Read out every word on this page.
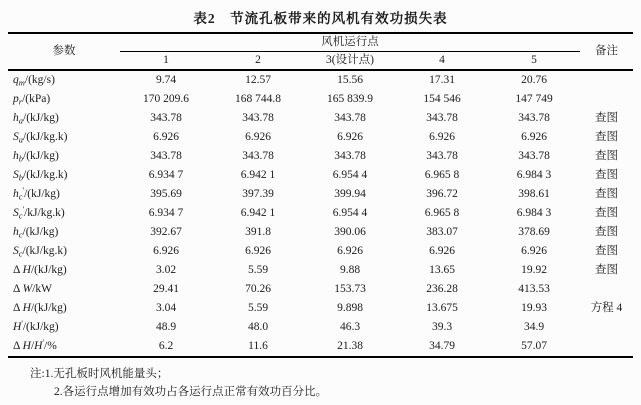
表2　节流孔板带来的风机有效功损失表
参数	风机运行点					备注
	1	2	3(设计点)	4	5	
$q_m/(kg/s)$	9.74	12.57	15.56	17.31	20.76	
$p_r/(kPa)$	170 209.6	168 744.8	165 839.9	154 546	147 749	
$h_a/(kJ/kg)$	343.78	343.78	343.78	343.78	343.78	查图
$S_a/(kJ/kg.k)$	6.926	6.926	6.926	6.926	6.926	查图
$h_b/(kJ/kg)$	343.78	343.78	343.78	343.78	343.78	查图
$S_b/(kJ/kg.k)$	6.934 7	6.942 1	6.954 4	6.965 8	6.984 3	查图
$h_c'/(kJ/kg)$	395.69	397.39	399.94	396.72	398.61	查图
$S_c'/kJ/kg.k$)	6.934 7	6.942 1	6.954 4	6.965 8	6.984 3	查图
$h_c/(kJ/kg)$	392.67	391.8	390.06	383.07	378.69	查图
$S_c/(kJ/kg.k)$	6.926	6.926	6.926	6.926	6.926	查图
Δ H/(kJ/kg)	3.02	5.59	9.88	13.65	19.92	查图
Δ W/kW	29.41	70.26	153.73	236.28	413.53	
Δ H/(kJ/kg)	3.04	5.59	9.898	13.675	19.93	方程 4
H'/(kJ/kg)	48.9	48.0	46.3	39.3	34.9	
Δ H/H'/%	6.2	11.6	21.38	34.79	57.07	
注:1.无孔板时风机能量头；
2.各运行点增加有效功占各运行点正常有效功百分比。
